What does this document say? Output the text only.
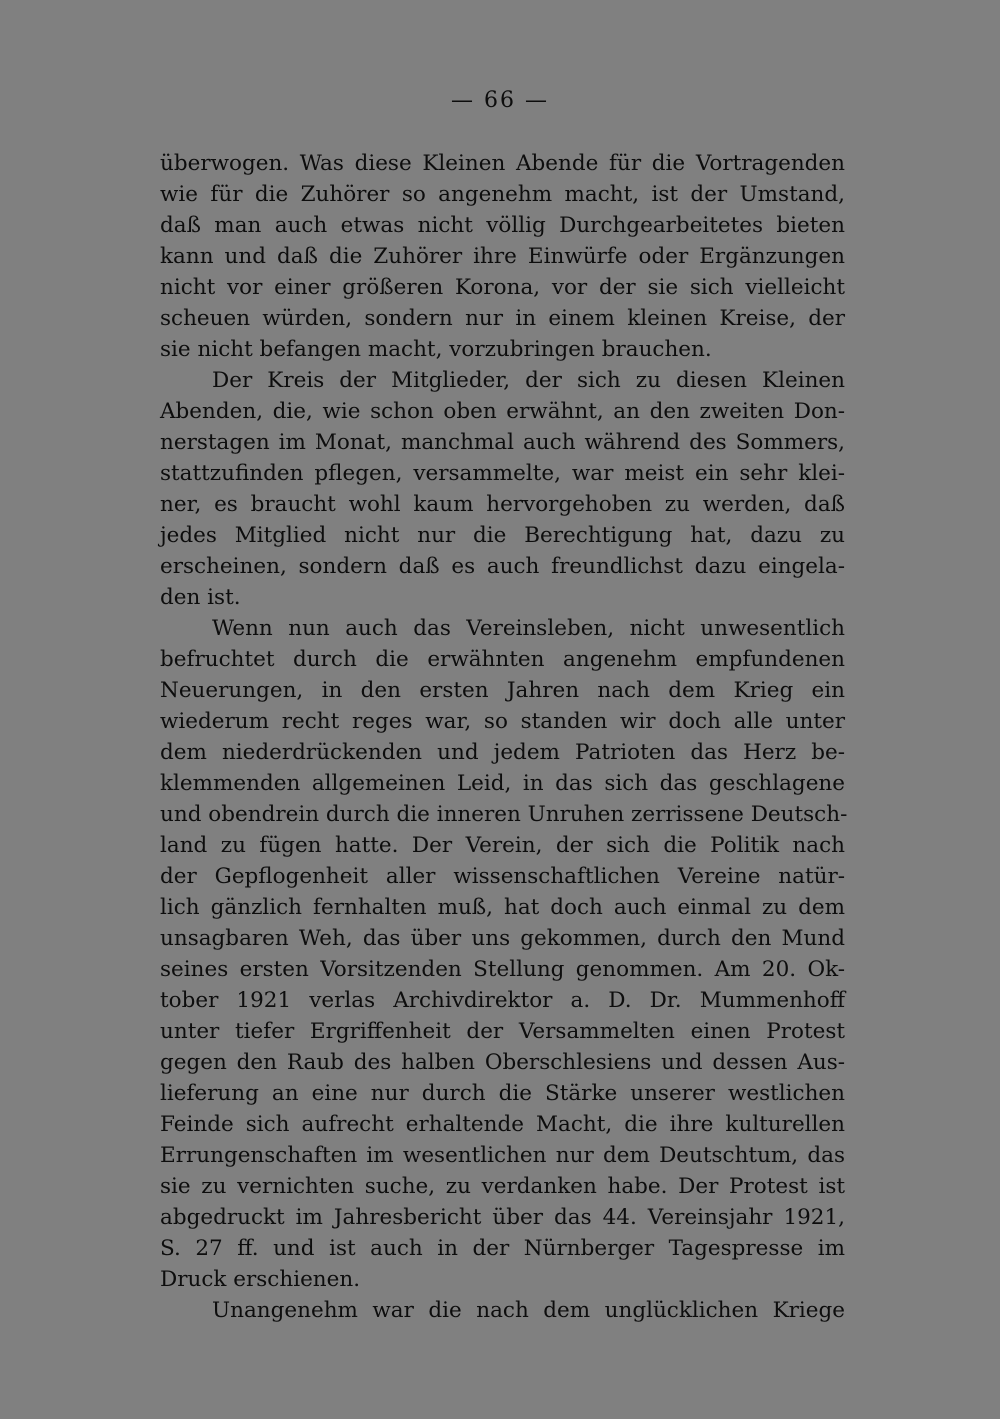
— 66 —
überwogen. Was diese Kleinen Abende für die Vortragenden
wie für die Zuhörer so angenehm macht, ist der Umstand,
daß man auch etwas nicht völlig Durchgearbeitetes bieten
kann und daß die Zuhörer ihre Einwürfe oder Ergänzungen
nicht vor einer größeren Korona, vor der sie sich vielleicht
scheuen würden, sondern nur in einem kleinen Kreise, der
sie nicht befangen macht, vorzubringen brauchen.
Der Kreis der Mitglieder, der sich zu diesen Kleinen
Abenden, die, wie schon oben erwähnt, an den zweiten Don-
nerstagen im Monat, manchmal auch während des Sommers,
stattzufinden pflegen, versammelte, war meist ein sehr klei-
ner, es braucht wohl kaum hervorgehoben zu werden, daß
jedes Mitglied nicht nur die Berechtigung hat, dazu zu
erscheinen, sondern daß es auch freundlichst dazu eingela-
den ist.
Wenn nun auch das Vereinsleben, nicht unwesentlich
befruchtet durch die erwähnten angenehm empfundenen
Neuerungen, in den ersten Jahren nach dem Krieg ein
wiederum recht reges war, so standen wir doch alle unter
dem niederdrückenden und jedem Patrioten das Herz be-
klemmenden allgemeinen Leid, in das sich das geschlagene
und obendrein durch die inneren Unruhen zerrissene Deutsch-
land zu fügen hatte. Der Verein, der sich die Politik nach
der Gepflogenheit aller wissenschaftlichen Vereine natür-
lich gänzlich fernhalten muß, hat doch auch einmal zu dem
unsagbaren Weh, das über uns gekommen, durch den Mund
seines ersten Vorsitzenden Stellung genommen. Am 20. Ok-
tober 1921 verlas Archivdirektor a. D. Dr. Mummenhoff
unter tiefer Ergriffenheit der Versammelten einen Protest
gegen den Raub des halben Oberschlesiens und dessen Aus-
lieferung an eine nur durch die Stärke unserer westlichen
Feinde sich aufrecht erhaltende Macht, die ihre kulturellen
Errungenschaften im wesentlichen nur dem Deutschtum, das
sie zu vernichten suche, zu verdanken habe. Der Protest ist
abgedruckt im Jahresbericht über das 44. Vereinsjahr 1921,
S. 27 ff. und ist auch in der Nürnberger Tagespresse im
Druck erschienen.
Unangenehm war die nach dem unglücklichen Kriege
